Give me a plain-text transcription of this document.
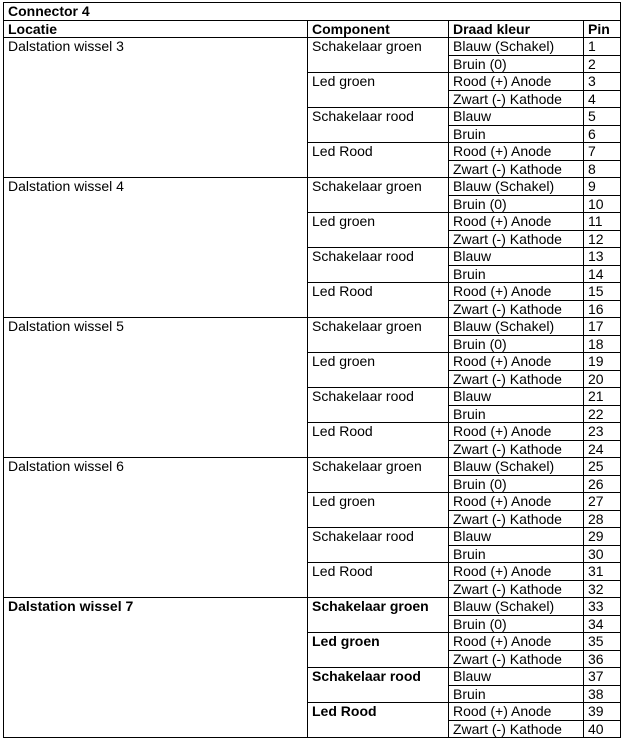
Connector 4			
Locatie	Component	Draad kleur	Pin
Dalstation wissel 3	Schakelaar groen	Blauw (Schakel)	1
		Bruin (0)	2
	Led groen	Rood (+) Anode	3
		Zwart (-) Kathode	4
	Schakelaar rood	Blauw	5
		Bruin	6
	Led Rood	Rood (+) Anode	7
		Zwart (-) Kathode	8
Dalstation wissel 4	Schakelaar groen	Blauw (Schakel)	9
		Bruin (0)	10
	Led groen	Rood (+) Anode	11
		Zwart (-) Kathode	12
	Schakelaar rood	Blauw	13
		Bruin	14
	Led Rood	Rood (+) Anode	15
		Zwart (-) Kathode	16
Dalstation wissel 5	Schakelaar groen	Blauw (Schakel)	17
		Bruin (0)	18
	Led groen	Rood (+) Anode	19
		Zwart (-) Kathode	20
	Schakelaar rood	Blauw	21
		Bruin	22
	Led Rood	Rood (+) Anode	23
		Zwart (-) Kathode	24
Dalstation wissel 6	Schakelaar groen	Blauw (Schakel)	25
		Bruin (0)	26
	Led groen	Rood (+) Anode	27
		Zwart (-) Kathode	28
	Schakelaar rood	Blauw	29
		Bruin	30
	Led Rood	Rood (+) Anode	31
		Zwart (-) Kathode	32
Dalstation wissel 7	Schakelaar groen	Blauw (Schakel)	33
		Bruin (0)	34
	Led groen	Rood (+) Anode	35
		Zwart (-) Kathode	36
	Schakelaar rood	Blauw	37
		Bruin	38
	Led Rood	Rood (+) Anode	39
		Zwart (-) Kathode	40
